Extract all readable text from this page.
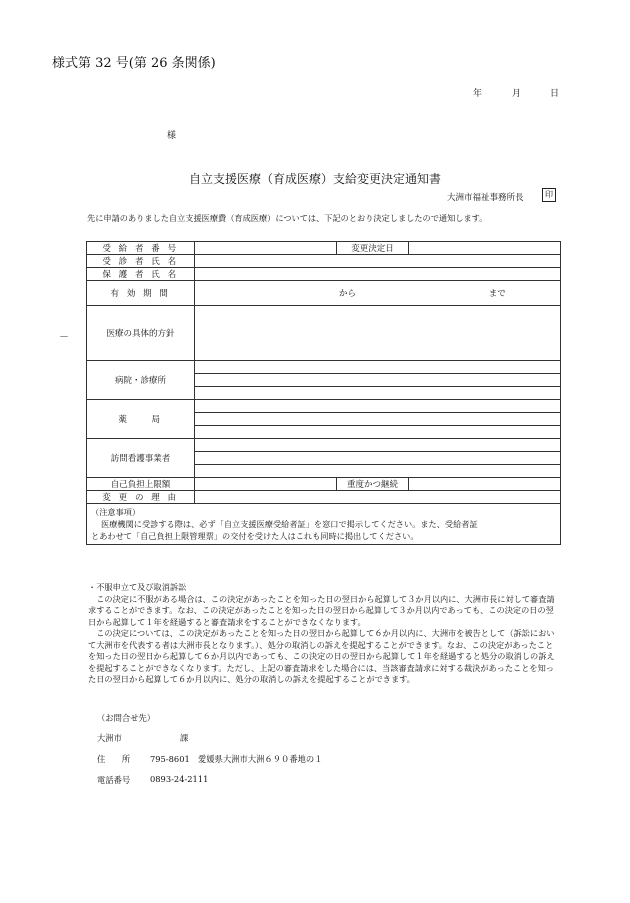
様式第 32 号(第 26 条関係)
年	月	日
様
自立支援医療（育成医療）支給変更決定通知書
大洲市福祉事務所長	印
先に申請のありました自立支援医療費（育成医療）については、下記のとおり決定しましたので通知します。
－
受 給 者 番 号		変更決定日	
受 診 者 氏 名			
保 護 者 氏 名			
有 効 期 間	から まで		
医療の具体的方針			
病院・診療所			

薬　　局			

訪問看護事業者			

自己負担上限額		重度かつ継続	
変 更 の 理 由			

（注意事項）
医療機関に受診する際は、必ず「自立支援医療受給者証」を窓口で掲示してください。また、受給者証
とあわせて「自己負担上限管理票」の交付を受けた人はこれも同時に掲出してください。			

・不服申立て及び取消訴訟

この決定に不服がある場合は、この決定があったことを知った日の翌日から起算して３か月以内に、大洲市長に対して審査請求することができます。なお、この決定があったことを知った日の翌日から起算して３か月以内であっても、この決定の日の翌日から起算して１年を経過すると審査請求をすることができなくなります。

この決定については、この決定があったことを知った日の翌日から起算して６か月以内に、大洲市を被告として（訴訟において大洲市を代表する者は大洲市長となります。）、処分の取消しの訴えを提起することができます。なお、この決定があったことを知った日の翌日から起算して６か月以内であっても、この決定の日の翌日から起算して１年を経過すると処分の取消しの訴えを提起することができなくなります。ただし、上記の審査請求をした場合には、当該審査請求に対する裁決があったことを知った日の翌日から起算して６か月以内に、処分の取消しの訴えを提起することができます。

（お問合せ先）
大洲市	課
住　　所 795-8601　愛媛県大洲市大洲６９０番地の１
電話番号 0893-24-2111
